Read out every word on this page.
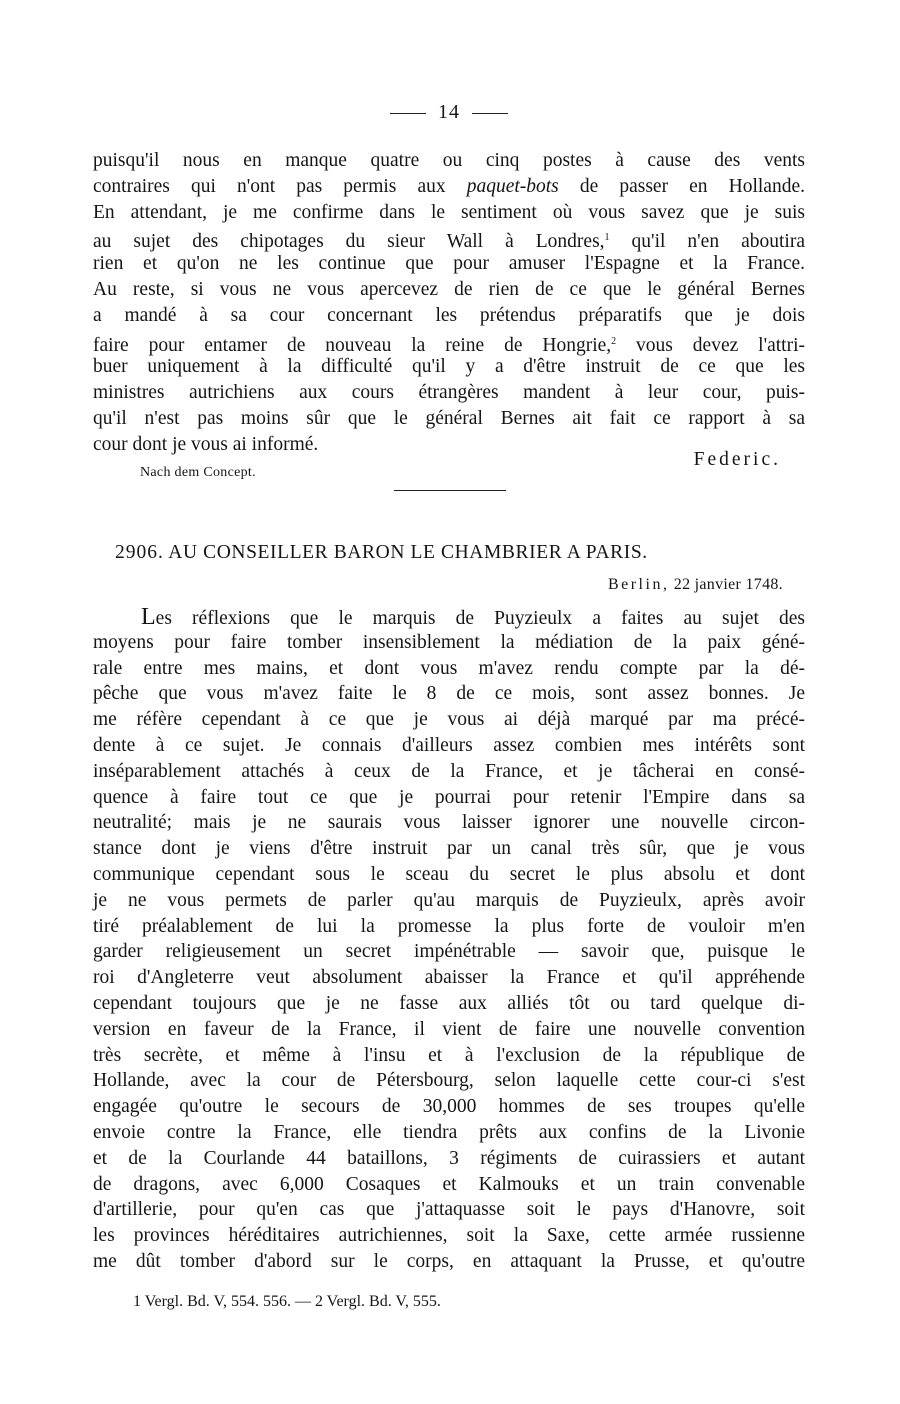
14
puisqu'il nous en manque quatre ou cinq postes à cause des vents
contraires qui n'ont pas permis aux paquet-bots de passer en Hollande.
En attendant, je me confirme dans le sentiment où vous savez que je suis
au sujet des chipotages du sieur Wall à Londres,$^1$ qu'il n'en aboutira
rien et qu'on ne les continue que pour amuser l'Espagne et la France.
Au reste, si vous ne vous apercevez de rien de ce que le général Bernes
a mandé à sa cour concernant les prétendus préparatifs que je dois
faire pour entamer de nouveau la reine de Hongrie,$^2$ vous devez l'attri-
buer uniquement à la difficulté qu'il y a d'être instruit de ce que les
ministres autrichiens aux cours étrangères mandent à leur cour, puis-
qu'il n'est pas moins sûr que le général Bernes ait fait ce rapport à sa
cour dont je vous ai informé.
Nach dem Concept.
Federic.
2906. AU CONSEILLER BARON LE CHAMBRIER A PARIS.
Berlin, 22 janvier 1748.
Les réflexions que le marquis de Puyzieulx a faites au sujet des
moyens pour faire tomber insensiblement la médiation de la paix géné-
rale entre mes mains, et dont vous m'avez rendu compte par la dé-
pêche que vous m'avez faite le 8 de ce mois, sont assez bonnes. Je
me réfère cependant à ce que je vous ai déjà marqué par ma précé-
dente à ce sujet. Je connais d'ailleurs assez combien mes intérêts sont
inséparablement attachés à ceux de la France, et je tâcherai en consé-
quence à faire tout ce que je pourrai pour retenir l'Empire dans sa
neutralité; mais je ne saurais vous laisser ignorer une nouvelle circon-
stance dont je viens d'être instruit par un canal très sûr, que je vous
communique cependant sous le sceau du secret le plus absolu et dont
je ne vous permets de parler qu'au marquis de Puyzieulx, après avoir
tiré préalablement de lui la promesse la plus forte de vouloir m'en
garder religieusement un secret impénétrable — savoir que, puisque le
roi d'Angleterre veut absolument abaisser la France et qu'il appréhende
cependant toujours que je ne fasse aux alliés tôt ou tard quelque di-
version en faveur de la France, il vient de faire une nouvelle convention
très secrète, et même à l'insu et à l'exclusion de la république de
Hollande, avec la cour de Pétersbourg, selon laquelle cette cour-ci s'est
engagée qu'outre le secours de 30,000 hommes de ses troupes qu'elle
envoie contre la France, elle tiendra prêts aux confins de la Livonie
et de la Courlande 44 bataillons, 3 régiments de cuirassiers et autant
de dragons, avec 6,000 Cosaques et Kalmouks et un train convenable
d'artillerie, pour qu'en cas que j'attaquasse soit le pays d'Hanovre, soit
les provinces héréditaires autrichiennes, soit la Saxe, cette armée russienne
me dût tomber d'abord sur le corps, en attaquant la Prusse, et qu'outre
1 Vergl. Bd. V, 554. 556. — 2 Vergl. Bd. V, 555.
